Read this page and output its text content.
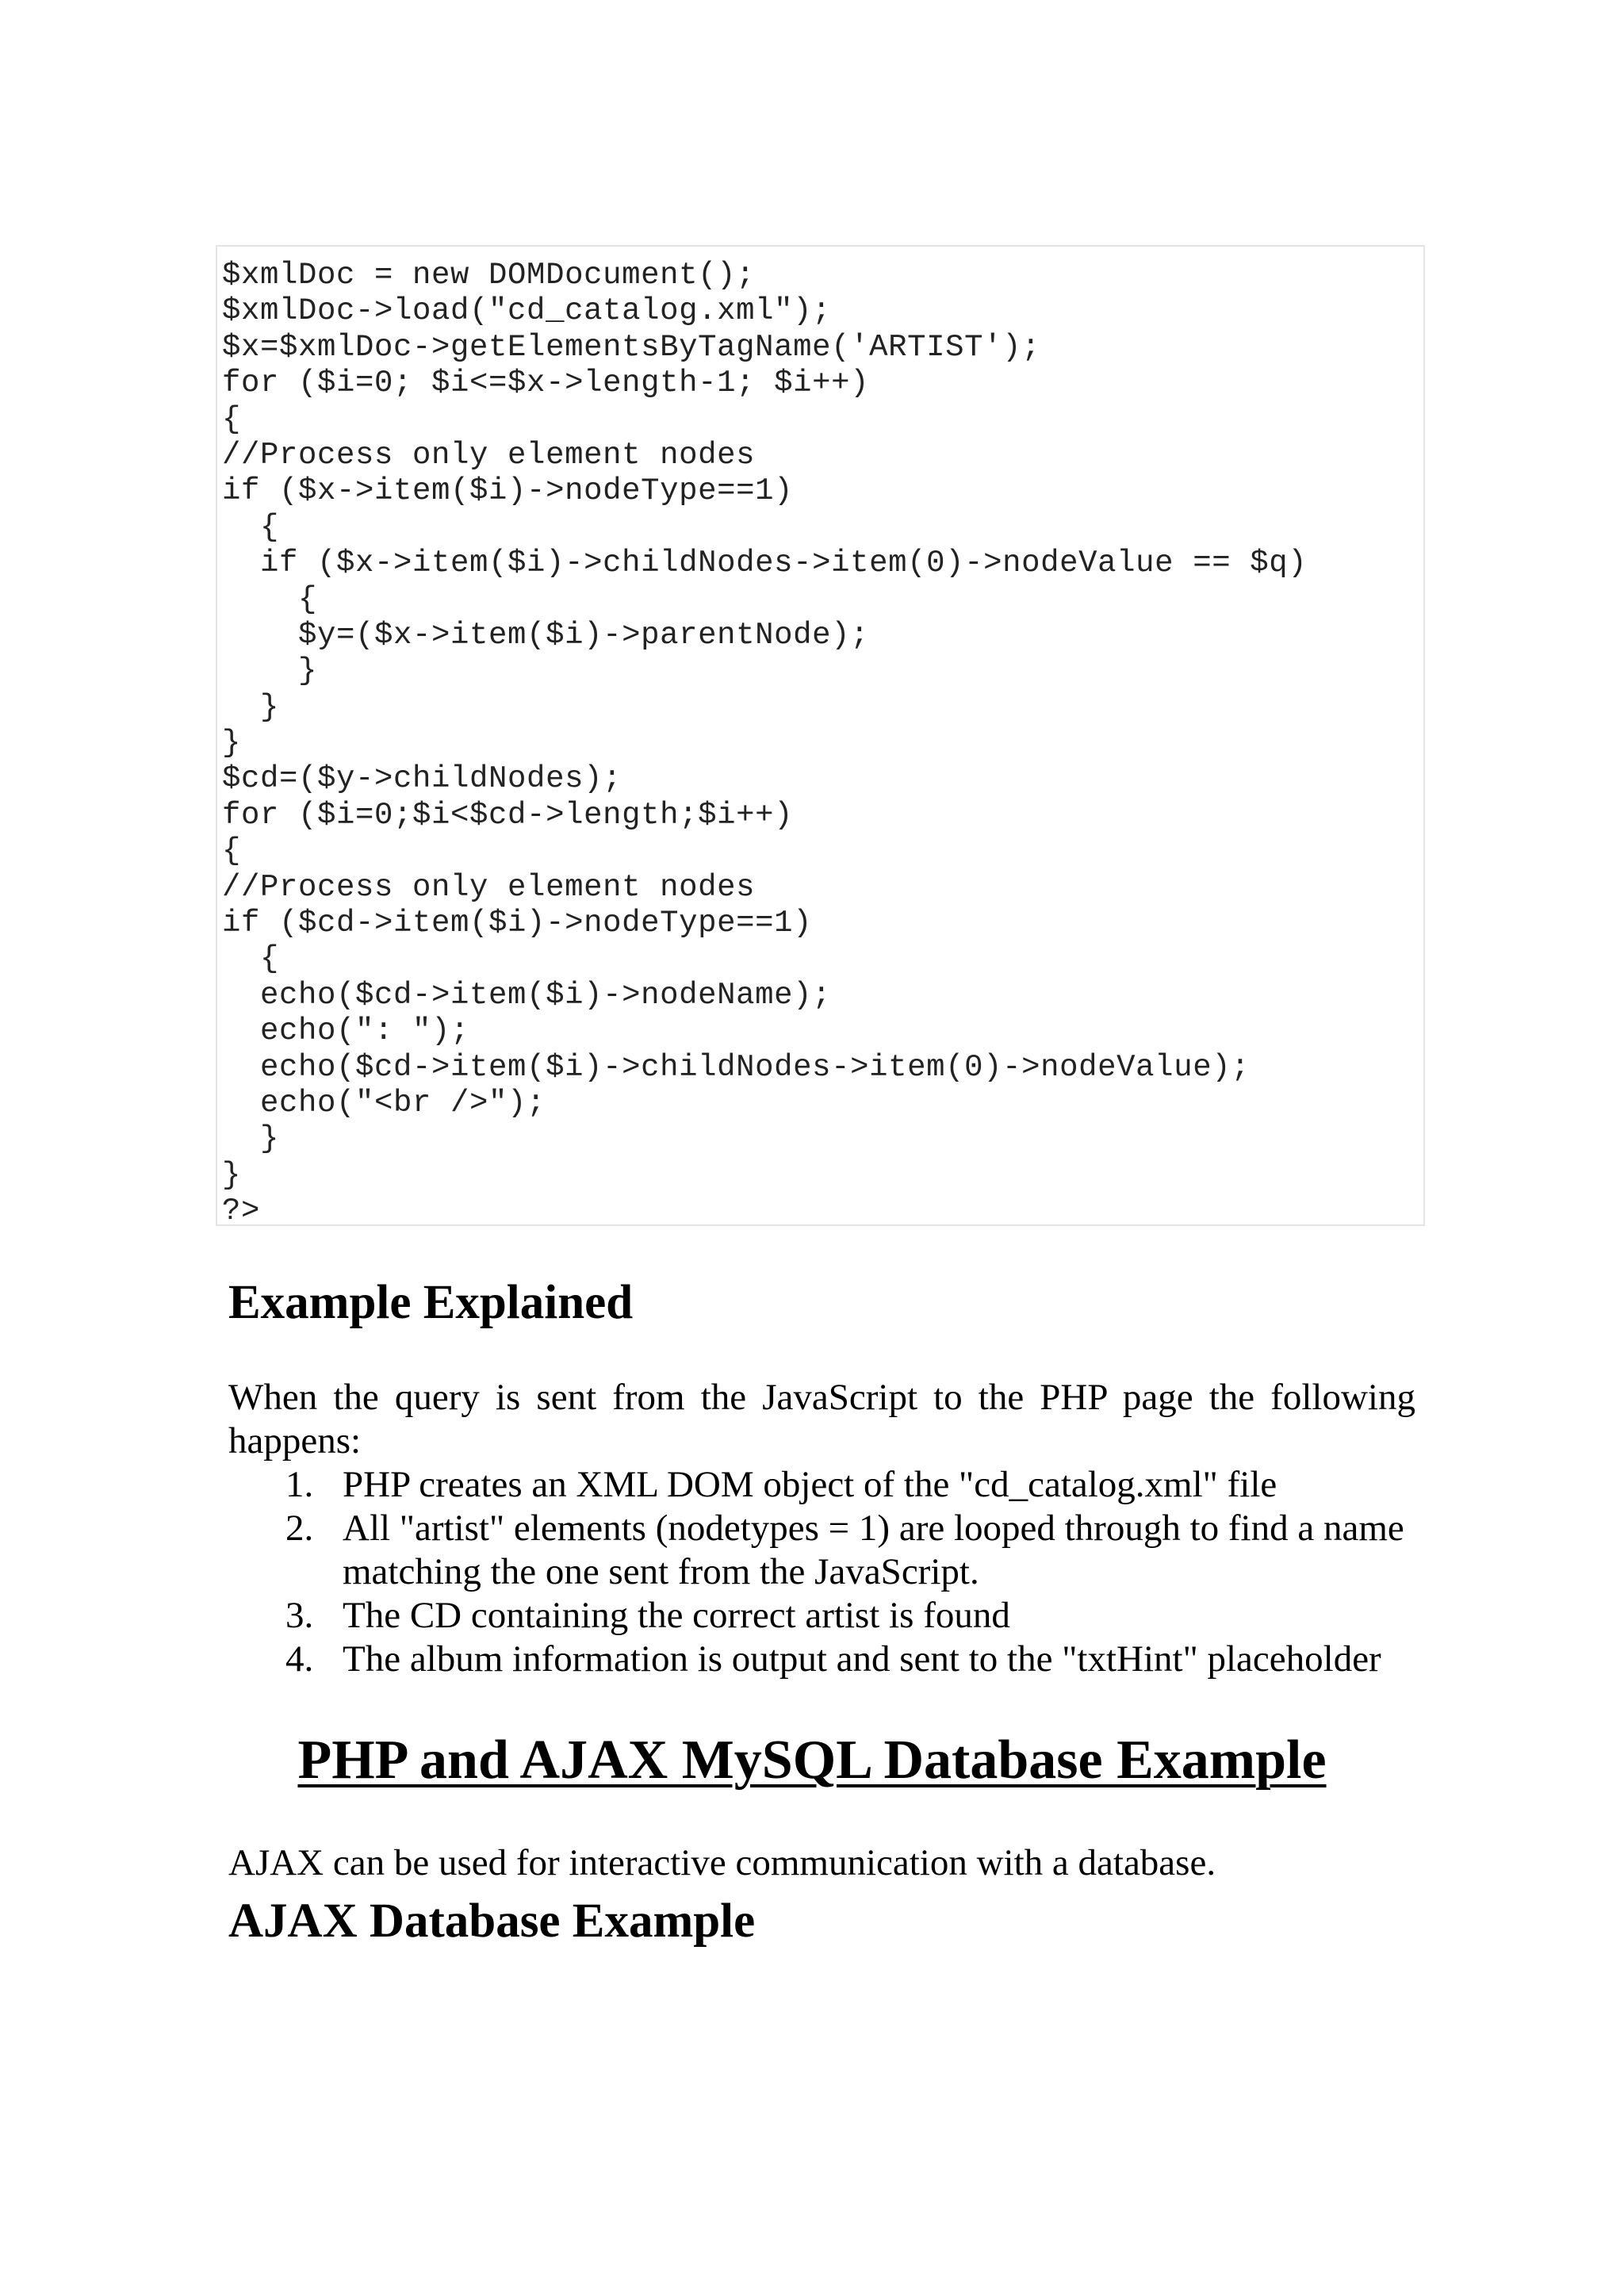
$xmlDoc = new DOMDocument();
$xmlDoc->load("cd_catalog.xml");
$x=$xmlDoc->getElementsByTagName('ARTIST');
for ($i=0; $i<=$x->length-1; $i++)
{
//Process only element nodes
if ($x->item($i)->nodeType==1)
{
if ($x->item($i)->childNodes->item(0)->nodeValue == $q)
{
$y=($x->item($i)->parentNode);
}
}
}
$cd=($y->childNodes);
for ($i=0;$i<$cd->length;$i++)
{
//Process only element nodes
if ($cd->item($i)->nodeType==1)
{
echo($cd->item($i)->nodeName);
echo(": ");
echo($cd->item($i)->childNodes->item(0)->nodeValue);
echo("<br />");
}
}
?>
Example Explained

When the query is sent from the JavaScript to the PHP page the following happens:

1. PHP creates an XML DOM object of the "cd_catalog.xml" file
2. All "artist" elements (nodetypes = 1) are looped through to find a name matching the one sent from the JavaScript.
3. The CD containing the correct artist is found
4. The album information is output and sent to the "txtHint" placeholder
PHP and AJAX MySQL Database Example

AJAX can be used for interactive communication with a database.

AJAX Database Example
